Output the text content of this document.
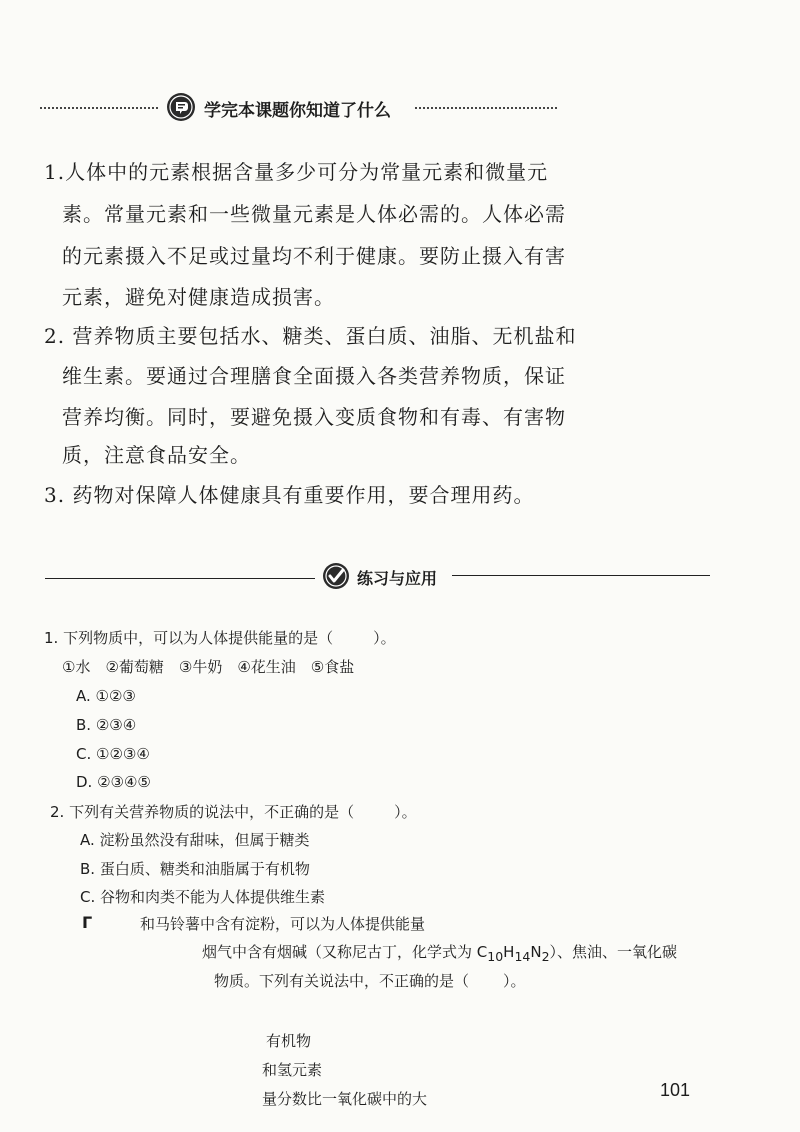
学完本课题你知道了什么
1.人体中的元素根据含量多少可分为常量元素和微量元
素。常量元素和一些微量元素是人体必需的。人体必需
的元素摄入不足或过量均不利于健康。要防止摄入有害
元素，避免对健康造成损害。
2. 营养物质主要包括水、糖类、蛋白质、油脂、无机盐和
维生素。要通过合理膳食全面摄入各类营养物质，保证
营养均衡。同时，要避免摄入变质食物和有毒、有害物
质，注意食品安全。
3. 药物对保障人体健康具有重要作用，要合理用药。
练习与应用
1. 下列物质中，可以为人体提供能量的是（	）。
①水　②葡萄糖　③牛奶　④花生油　⑤食盐
A. ①②③
B. ②③④
C. ①②③④
D. ②③④⑤
2. 下列有关营养物质的说法中，不正确的是（	）。
A. 淀粉虽然没有甜味，但属于糖类
B. 蛋白质、糖类和油脂属于有机物
C. 谷物和肉类不能为人体提供维生素
Γ	和马铃薯中含有淀粉，可以为人体提供能量
烟气中含有烟碱（又称尼古丁，化学式为 $C_{10}H_{14}N_2$）、焦油、一氧化碳
物质。下列有关说法中，不正确的是（ ）。
有机物
和氢元素
量分数比一氧化碳中的大	101
